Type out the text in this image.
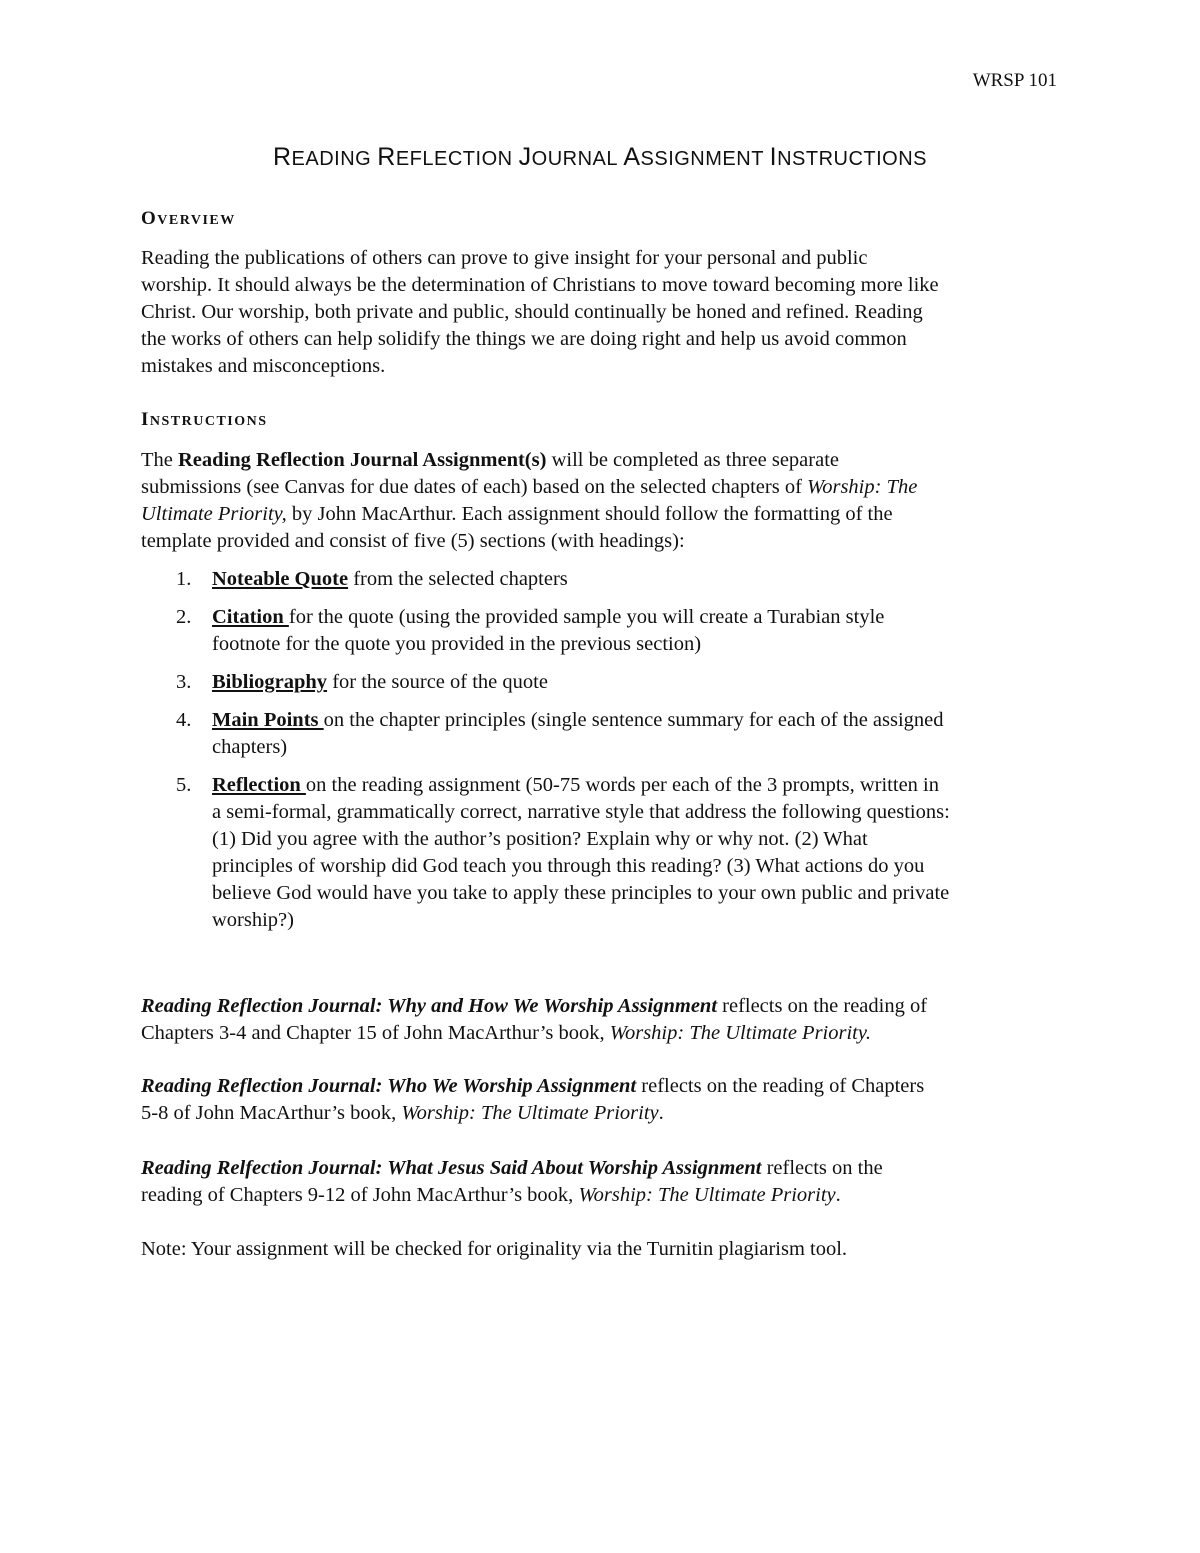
WRSP 101
READING REFLECTION JOURNAL ASSIGNMENT INSTRUCTIONS
OVERVIEW
Reading the publications of others can prove to give insight for your personal and public
worship. It should always be the determination of Christians to move toward becoming more like
Christ. Our worship, both private and public, should continually be honed and refined. Reading
the works of others can help solidify the things we are doing right and help us avoid common
mistakes and misconceptions.
INSTRUCTIONS
The Reading Reflection Journal Assignment(s) will be completed as three separate
submissions (see Canvas for due dates of each) based on the selected chapters of Worship: The
Ultimate Priority, by John MacArthur. Each assignment should follow the formatting of the
template provided and consist of five (5) sections (with headings):
1. Noteable Quote from the selected chapters
2. Citation for the quote (using the provided sample you will create a Turabian style
footnote for the quote you provided in the previous section)
3. Bibliography for the source of the quote
4. Main Points on the chapter principles (single sentence summary for each of the assigned
chapters)
5. Reflection on the reading assignment (50-75 words per each of the 3 prompts, written in
a semi-formal, grammatically correct, narrative style that address the following questions:
(1) Did you agree with the author’s position? Explain why or why not. (2) What
principles of worship did God teach you through this reading? (3) What actions do you
believe God would have you take to apply these principles to your own public and private
worship?)
Reading Reflection Journal: Why and How We Worship Assignment reflects on the reading of
Chapters 3-4 and Chapter 15 of John MacArthur’s book, Worship: The Ultimate Priority.
Reading Reflection Journal: Who We Worship Assignment reflects on the reading of Chapters
5-8 of John MacArthur’s book, Worship: The Ultimate Priority.
Reading Relfection Journal: What Jesus Said About Worship Assignment reflects on the
reading of Chapters 9-12 of John MacArthur’s book, Worship: The Ultimate Priority.
Note: Your assignment will be checked for originality via the Turnitin plagiarism tool.
